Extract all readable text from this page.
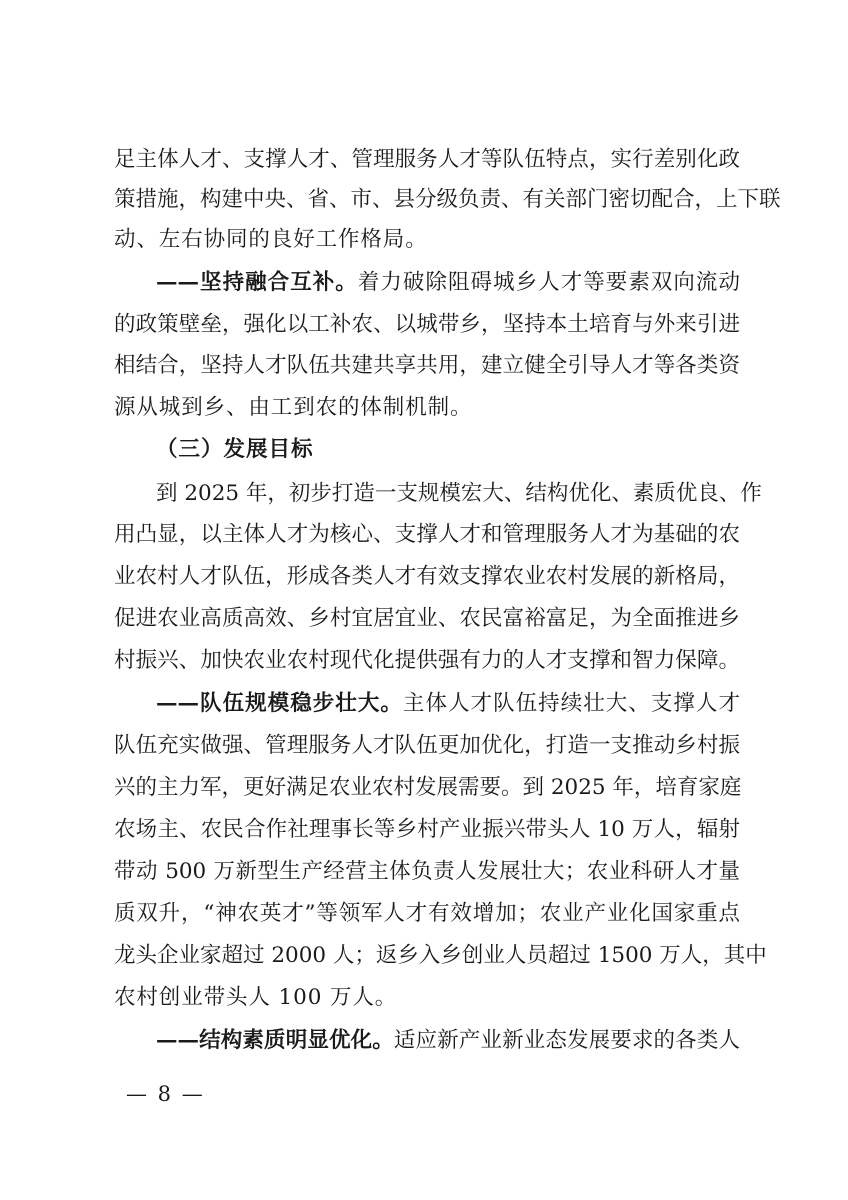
足主体人才、支撑人才、管理服务人才等队伍特点，实行差别化政
策措施，构建中央、省、市、县分级负责、有关部门密切配合，上下联
动、左右协同的良好工作格局。
——坚持融合互补。着力破除阻碍城乡人才等要素双向流动
的政策壁垒，强化以工补农、以城带乡，坚持本土培育与外来引进
相结合，坚持人才队伍共建共享共用，建立健全引导人才等各类资
源从城到乡、由工到农的体制机制。
（三）发展目标
到 2025 年，初步打造一支规模宏大、结构优化、素质优良、作
用凸显，以主体人才为核心、支撑人才和管理服务人才为基础的农
业农村人才队伍，形成各类人才有效支撑农业农村发展的新格局，
促进农业高质高效、乡村宜居宜业、农民富裕富足，为全面推进乡
村振兴、加快农业农村现代化提供强有力的人才支撑和智力保障。
——队伍规模稳步壮大。主体人才队伍持续壮大、支撑人才
队伍充实做强、管理服务人才队伍更加优化，打造一支推动乡村振
兴的主力军，更好满足农业农村发展需要。到 2025 年，培育家庭
农场主、农民合作社理事长等乡村产业振兴带头人 10 万人，辐射
带动 500 万新型生产经营主体负责人发展壮大；农业科研人才量
质双升，“神农英才”等领军人才有效增加；农业产业化国家重点
龙头企业家超过 2000 人；返乡入乡创业人员超过 1500 万人，其中
农村创业带头人 100 万人。
——结构素质明显优化。适应新产业新业态发展要求的各类人
— 8 —
